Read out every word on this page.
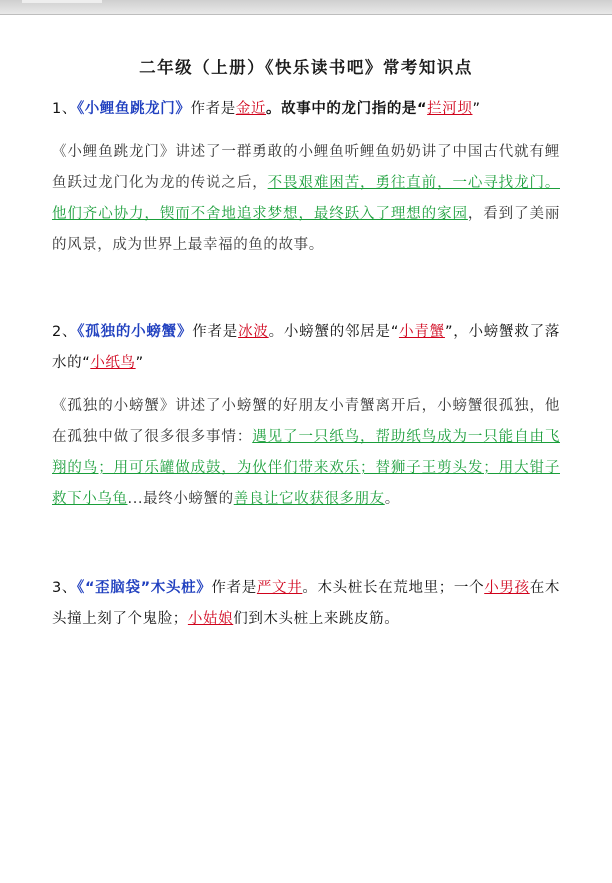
二年级（上册）《快乐读书吧》常考知识点

1、《小鲤鱼跳龙门》作者是金近。故事中的龙门指的是“拦河坝”

《小鲤鱼跳龙门》讲述了一群勇敢的小鲤鱼听鲤鱼奶奶讲了中国古代就有鲤鱼跃过龙门化为龙的传说之后，不畏艰难困苦，勇往直前，一心寻找龙门。他们齐心协力，锲而不舍地追求梦想，最终跃入了理想的家园，看到了美丽的风景，成为世界上最幸福的鱼的故事。

2、《孤独的小螃蟹》作者是冰波。小螃蟹的邻居是“小青蟹”，小螃蟹救了落水的“小纸鸟”

《孤独的小螃蟹》讲述了小螃蟹的好朋友小青蟹离开后，小螃蟹很孤独，他在孤独中做了很多很多事情：遇见了一只纸鸟，帮助纸鸟成为一只能自由飞翔的鸟；用可乐罐做成鼓，为伙伴们带来欢乐；替狮子王剪头发；用大钳子救下小乌龟...最终小螃蟹的善良让它收获很多朋友。

3、《“歪脑袋”木头桩》作者是严文井。木头桩长在荒地里；一个小男孩在木头撞上刻了个鬼脸；小姑娘们到木头桩上来跳皮筋。
